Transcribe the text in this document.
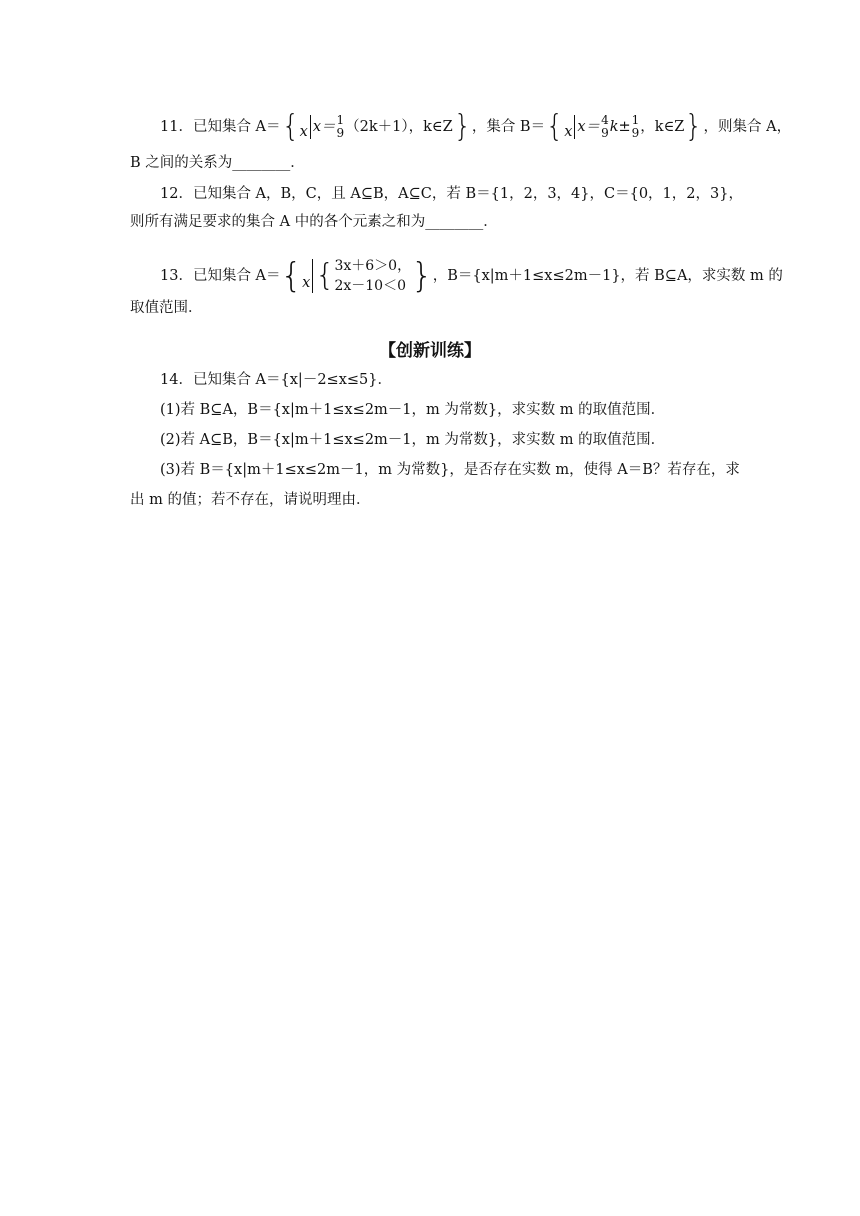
11．已知集合 A＝ { x x＝ 1
9 （2k＋1），k∈Z } ，集合 B＝ { x x＝ 4
9 k± 1
9 ，k∈Z } ，则集合 A，
B 之间的关系为________．
12．已知集合 A，B，C，且 A⊆B，A⊆C，若 B＝{1，2，3，4}，C＝{0，1，2，3}，
则所有满足要求的集合 A 中的各个元素之和为________．
13．已知集合 A＝ { x { 3x＋6＞0，
2x－10＜0 } ，B＝{x|m＋1≤x≤2m－1}，若 B⊆A，求实数 m 的
取值范围．
【创新训练】
14．已知集合 A＝{x|－2≤x≤5}．
(1)若 B⊆A，B＝{x|m＋1≤x≤2m－1，m 为常数}，求实数 m 的取值范围．
(2)若 A⊆B，B＝{x|m＋1≤x≤2m－1，m 为常数}，求实数 m 的取值范围．
(3)若 B＝{x|m＋1≤x≤2m－1，m 为常数}，是否存在实数 m，使得 A＝B？若存在，求
出 m 的值；若不存在，请说明理由．
